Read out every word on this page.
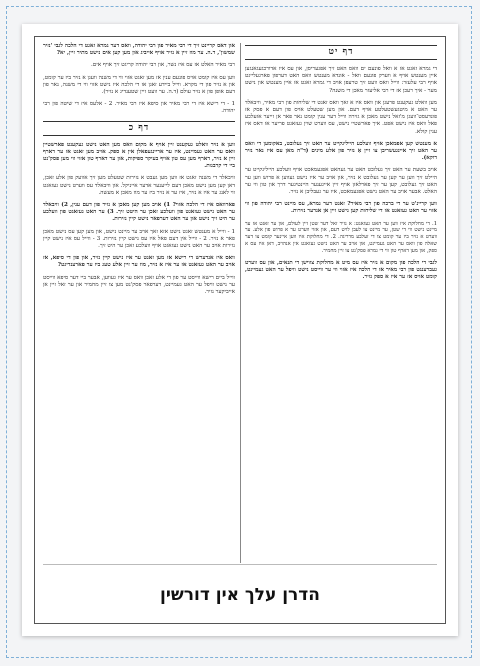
דף יט

די גמרא זאגט אז א וואל פונעם ים וואס האט זיך אפגעריסן, און עס איז אדורכגעגאנגען איין מענטש אויף א ווערק פונעם וואל - אונדא מענטש וואס האט דערפון פארגעלייגט אויף רבי עלעזר: ווייל וואס וועט זיך טרעפן אויב די גמרא זאגט אז איין מענטש און נישט מער - איך רעכן אז די רבי אליעזר מאכן די משנה?

מען וואלט געקענט פרעגן און וואס איז א זאך וואס זאגט די שליחות פון רבי מאיר, וויבאלד ער האט א מיטגעשטעלטע אויף דעם. און מען שטעלט אויס פון דעם א פסק אז פונדעסט־וועגן מ'זאל נישט מאכן א גזירה ווייל דער ענין קומט נאר פאר אן זייער אזעלכע פאל וואס איז נישט אפט. איך פארשטיי נישט, עס ווערט שוין געזאגט פריער אז דאס איז ענין קולא.

א מענטש קען אפמאכן אויף וועלכע הייליגקייט ער האט זיך געלובט, באקומען די וואס ער האט זיך איינגעשריבן צו זיין אַ נזיר פון אלע מינים (ד"ה מאן עס איז נאר נזיר דוקא).

אויב בשעת ער האט זיך געלובט האט ער געהאט אפגעמאכט אויף וועלכע הייליגקייט ער היילט זיך ווען ער קען ער געלובט א נזיר, און אויב ער איז נישט געווען א פרוש ווען ער האט זיך געלובט, קען ער זיך פארלאזן אויף זיין אייגענער היינטיגער דרך און טון ווי ער האלט. אבער אויב ער האט נישט אפגעמאכט, איז ער געבליבן א נזיר.

ווען קריינ'ט ער די ברכה פון רבי מאיר? זאגט דער גמרא, עס מיינט רבי יהודה פון ווי אזוי ער האט געזאגט אז די שליחות קען נישט זיין אן אנדער נזירות.

1. די מחלוקת איז ווען ער האט געזאגט: א נזיר זאל דער שטן זיין לעולם, און ער זאגט אז ער מיינט נישט ווי די שטן, ער מיינט צו לעבן לויט דעם, און אזוי ווערט ער א פרוש פון אלע. ער ווערט א נזיר ביז ער קומט צו די זעלבע מדריגה. 2. די מחלוקת איז ווען איינער קומט צו דער שאלה פון וואס ער האט געמיינט, און אויב ער האט נישט געזאגט אין אנהויב, דאן איז עס א ספק, און מען דארף טון ווי די גמרא פסק'נט צו זיין מחמיר.

לגבי די הלכה פון מקום א נזיר איז עס מיט א מחלוקת צווישן די תנאים, און עס ווערט געברענגט פון רבי מאיר אז די הלכה איז אזוי ווי ער ווייסט נישט וויפל ער האט געמיינט, קומט אויס אז ער איז א ספק נזיר.

און דאס קריינט זיך די רבי מאיר פון רבי יהודה, וואס דער גמרא זאגט די הלכה לגבי 'נזיר שמשון', ד.ה. ער מוז זיין א נזיר אויף אייביג און מען קען אים נישט מתיר זיין, יא?

רבי מאיר האלט אז עס איז נשר, און רבי יהודה קריגט זיך אויף אים.

ווען עס איז קומט אויס פונעם ענין אז מען זאגט אזוי ווי די משנה וועגן א נזיר ביז ער קומט, און א נזיר פון די מקרא. ווייל ביידע זאגן אז די הלכה איז נישט אזוי ווי די משנה, נאר פון דעם אופן פון א נזיר עולם (ד.ה. ער וועט זיין שטענדיג א נזיר).

1 - די רישא איז די רבי מאיר און סיפא איז רבי מאיר. 2 - אלעס איז די שיטה פון רבי יהודה.

דף כ

ווען א נזיר וואלט געקענט זיין אויף א מקום וואס מען האט נישט געקענט פארשטיין וואס ער האט געמיינט, איז ער אריינגעפאלן אין א ספק. אויב מען זאגט אז ער דארף זיין א נזיר, דארף מען עס טון אויף בעיקר ספיקות, און ער דארף טון אזוי ווי מען פסק'נט ביי די קרבנות.

וויבאלד די משנה זאגט אז ווען מען געבט א נזירות שטעלט מען זיך אוועק פון אלע זאכן, דאן קען מען נישט מאכן דעם לייענער אדער אייניקל. און וויבאלד עס ווערט נישט געזאגט ווי לאנג ער איז א נזיר, איז ער א נזיר ביז ער מוז מאכן א מעשה.

פארוואס איז די הלכה אזוי? 1) אויב מען קען מאכן א נזיר פון דעם ענין, 2) וויבאלד ער האט נישט געזאגט פון וועלכע זאכן ער היטט זיך. 3) ער האט געזאגט פון וועלכע ער היט זיך נישט און ער האט דערפאר נישט קיין נזירות.

1 - ווייל א מענטש זאגט נישט אזא זאך אויב ער מיינט נישט, און מען קען עס נישט מאכן פאר א נזיר. 2 - ווייל אין דעם פאל איז עס נישט קיין נזירות. 3 - ווייל עס איז נישט קיין נזירות אויב ער האט נישט געזאגט אויף וועלכע זאכן ער היט זיך.

וואס איז אנדערש די רישא אז מען זאגט ער איז נישט קיין נזיר, און פון די סיפא, אז אויב ער האט געזאגט אז ער איז א נזיר, מוז ער זיין אלע טעג ביז ער פארענדיגט?

ווייל ביים רישא ווייסט ער פון די אלע זאכן וואס ער איז געווען, אבער ביי דער סיפא ווייסט ער נישט וויפל ער האט געמיינט, דערפאר פסק'נט מען צו זיין מחמיר און ער זאל זיין אן אייביקער נזיר.

הדרן עלך אין דורשין
